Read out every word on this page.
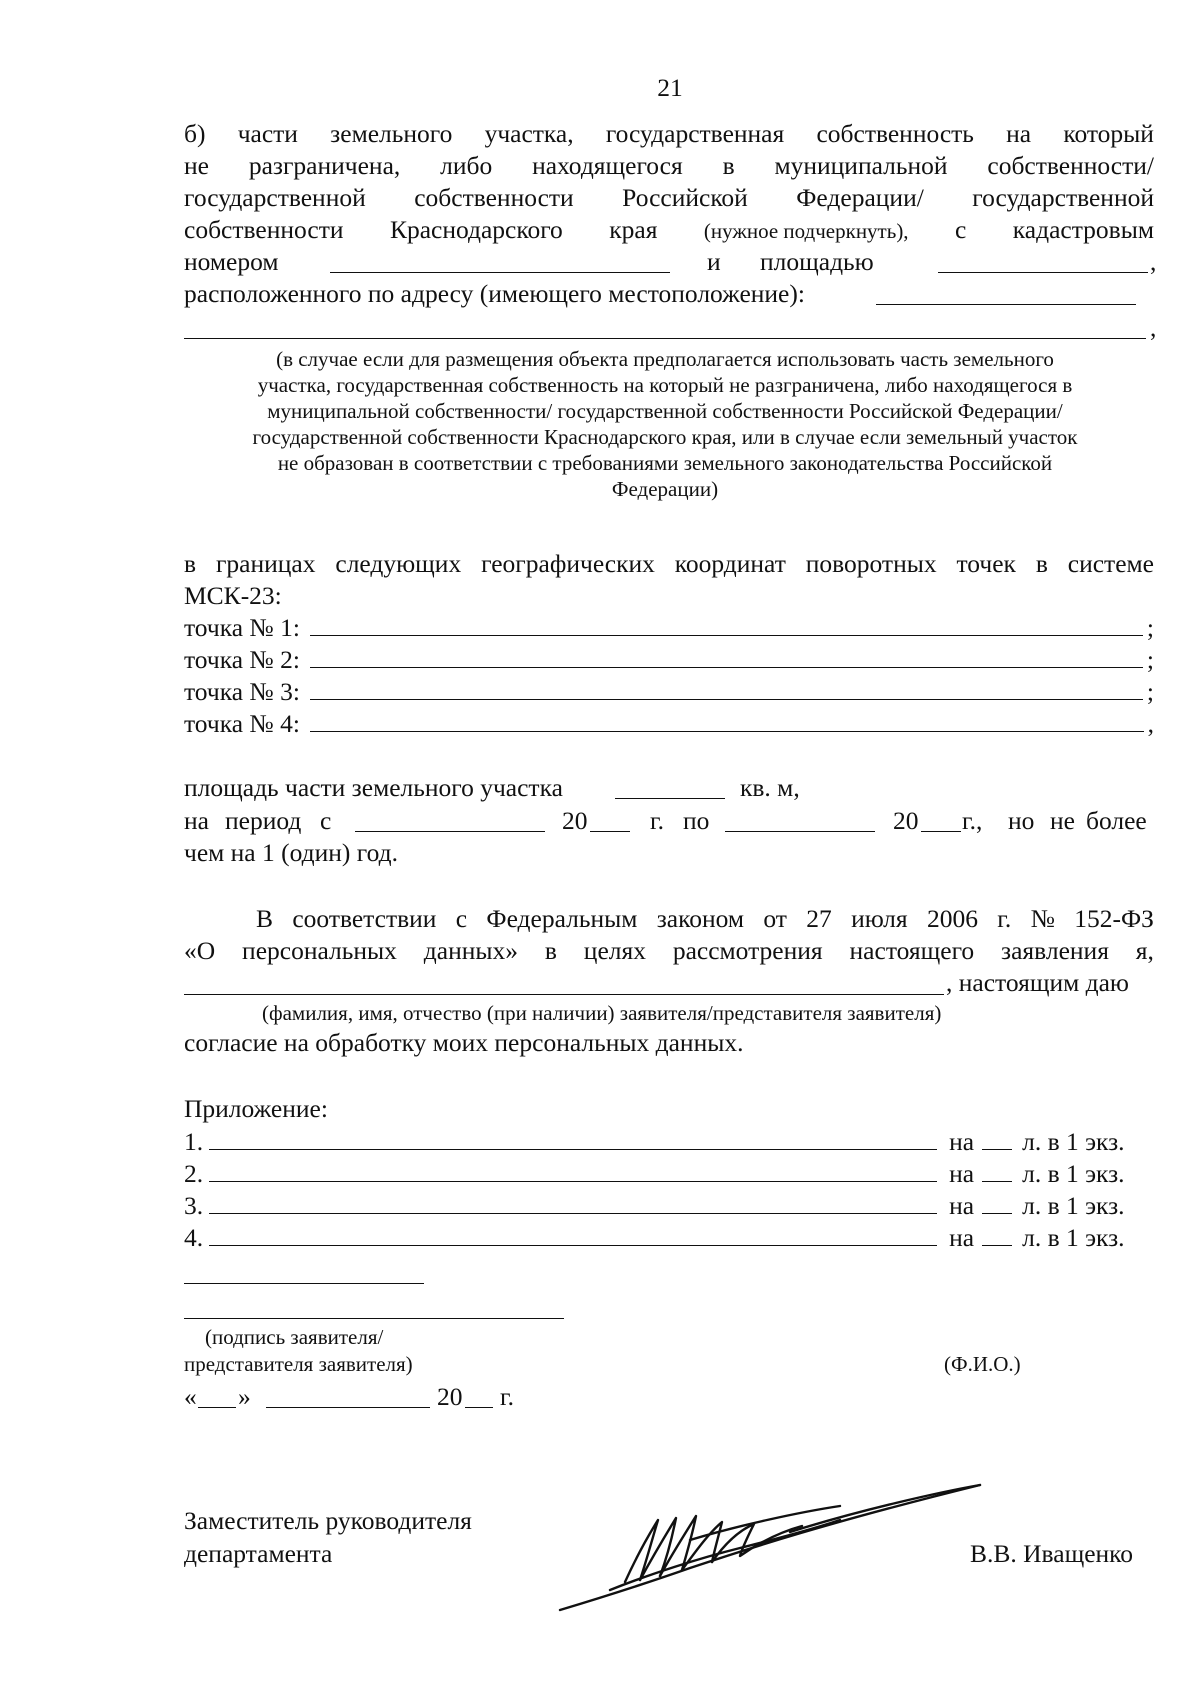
21
б) части земельного участка, государственная собственность на который
не разграничена, либо находящегося в муниципальной собственности/
государственной собственности Российской Федерации/ государственной
собственности Краснодарского края (нужное подчеркнуть), с кадастровым
номером	и площадью	,
расположенного по адресу (имеющего местоположение):
,
(в случае если для размещения объекта предполагается использовать часть земельного
участка, государственная собственность на который не разграничена, либо находящегося в
муниципальной собственности/ государственной собственности Российской Федерации/
государственной собственности Краснодарского края, или в случае если земельный участок
не образован в соответствии с требованиями земельного законодательства Российской
Федерации)
в границах следующих географических координат поворотных точек в системе
МСК-23:
точка № 1:	;
точка № 2:	;
точка № 3:	;
точка № 4:	,
площадь части земельного участка	кв. м,
на период с	20 г. по	20 г., но не более
чем на 1 (один) год.
В соответствии с Федеральным законом от 27 июля 2006 г. № 152-ФЗ
«О персональных данных» в целях рассмотрения настоящего заявления я,
, настоящим даю
(фамилия, имя, отчество (при наличии) заявителя/представителя заявителя)
согласие на обработку моих персональных данных.
Приложение:
1.	на л. в 1 экз.
2.	на л. в 1 экз.
3.	на л. в 1 экз.
4.	на л. в 1 экз.
(подпись заявителя/
представителя заявителя)	(Ф.И.О.)
« »	20 г.
Заместитель руководителя
департамента	В.В. Иващенко
